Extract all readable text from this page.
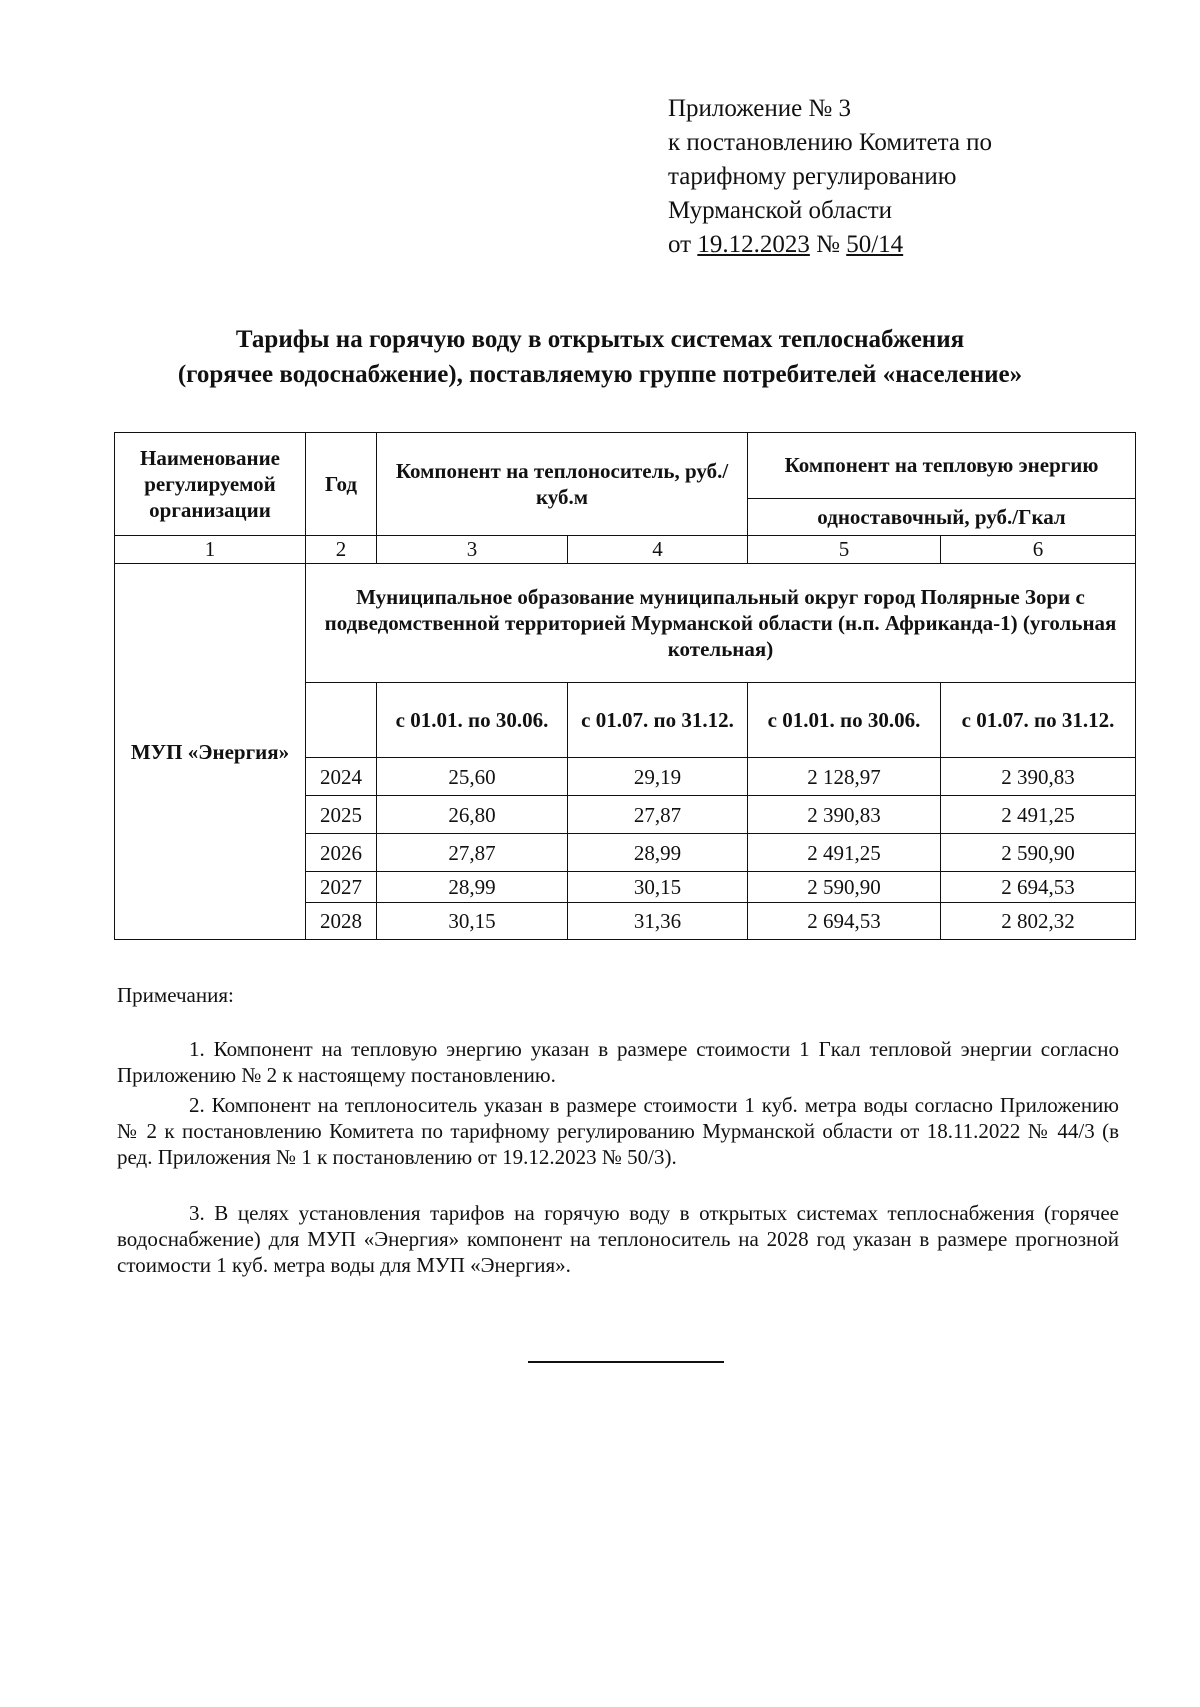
Приложение № 3
к постановлению Комитета по
тарифному регулированию
Мурманской области
от 19.12.2023 № 50/14
Тарифы на горячую воду в открытых системах теплоснабжения
(горячее водоснабжение), поставляемую группе потребителей «население»
Наименование регулируемой организации	Год	Компонент на теплоноситель, руб./куб.м		Компонент на тепловую энергию	
				одноставочный, руб./Гкал	
1	2	3	4	5	6
МУП «Энергия»	Муниципальное образование муниципальный округ город Полярные Зори с подведомственной территорией Мурманской области (н.п. Африканда-1) (угольная котельная)				
		с 01.01. по 30.06.	с 01.07. по 31.12.	с 01.01. по 30.06.	с 01.07. по 31.12.
	2024	25,60	29,19	2 128,97	2 390,83
	2025	26,80	27,87	2 390,83	2 491,25
	2026	27,87	28,99	2 491,25	2 590,90
	2027	28,99	30,15	2 590,90	2 694,53
	2028	30,15	31,36	2 694,53	2 802,32
Примечания:
1. Компонент на тепловую энергию указан в размере стоимости 1 Гкал тепловой энергии согласно Приложению № 2 к настоящему постановлению.
2. Компонент на теплоноситель указан в размере стоимости 1 куб. метра воды согласно Приложению № 2 к постановлению Комитета по тарифному регулированию Мурманской области от 18.11.2022 № 44/3 (в ред. Приложения № 1 к постановлению от 19.12.2023 № 50/3).
3. В целях установления тарифов на горячую воду в открытых системах теплоснабжения (горячее водоснабжение) для МУП «Энергия» компонент на теплоноситель на 2028 год указан в размере прогнозной стоимости 1 куб. метра воды для МУП «Энергия».
